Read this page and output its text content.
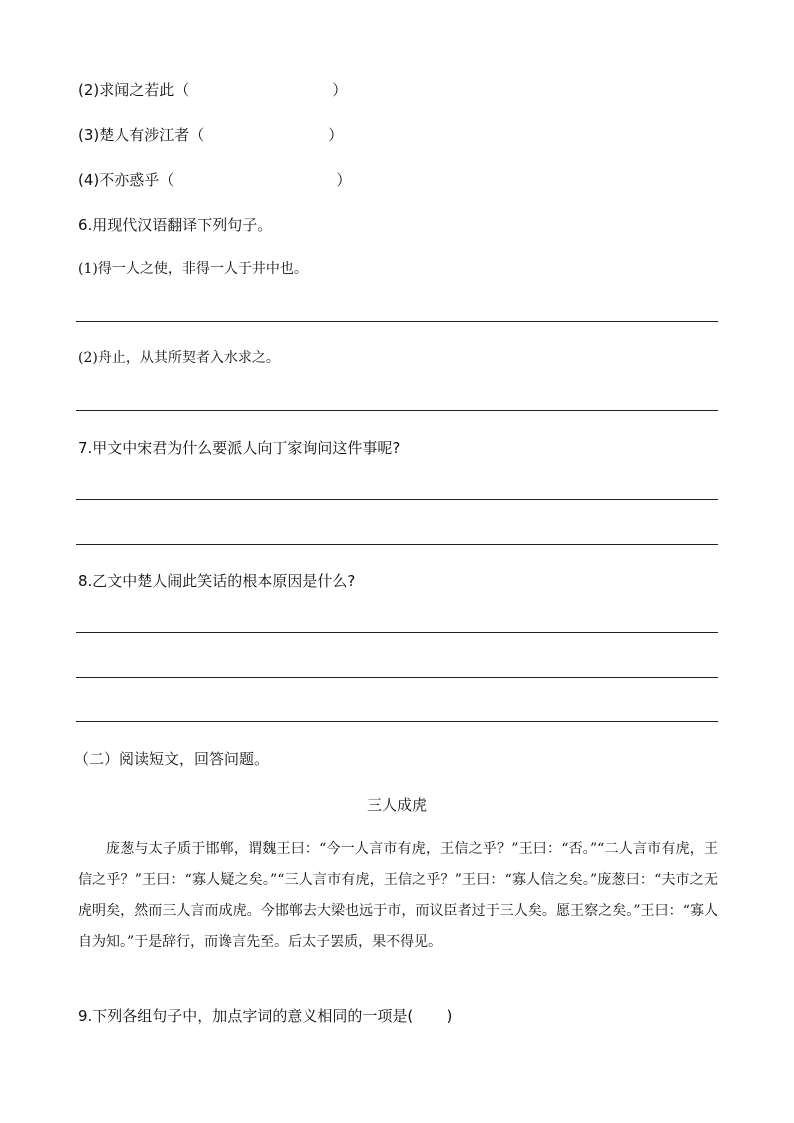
(2)求闻之若此（                              ）
(3)楚人有涉江者（                          ）
(4)不亦惑乎（                                  ）
6.用现代汉语翻译下列句子。
(1)得一人之使，非得一人于井中也。
(2)舟止，从其所契者入水求之。
7.甲文中宋君为什么要派人向丁家询问这件事呢?
8.乙文中楚人闹此笑话的根本原因是什么?
（二）阅读短文，回答问题。
三人成虎
庞葱与太子质于邯郸，谓魏王曰：“今一人言市有虎，王信之乎？”王曰：“否。”“二人言市有虎，王信之乎？”王曰：“寡人疑之矣。”“三人言市有虎，王信之乎？”王曰：“寡人信之矣。”庞葱曰：“夫市之无虎明矣，然而三人言而成虎。今邯郸去大梁也远于市，而议臣者过于三人矣。愿王察之矣。”王曰：“寡人自为知。”于是辞行，而谗言先至。后太子罢质，果不得见。
9.下列各组句子中，加点字词的意义相同的一项是(       )
